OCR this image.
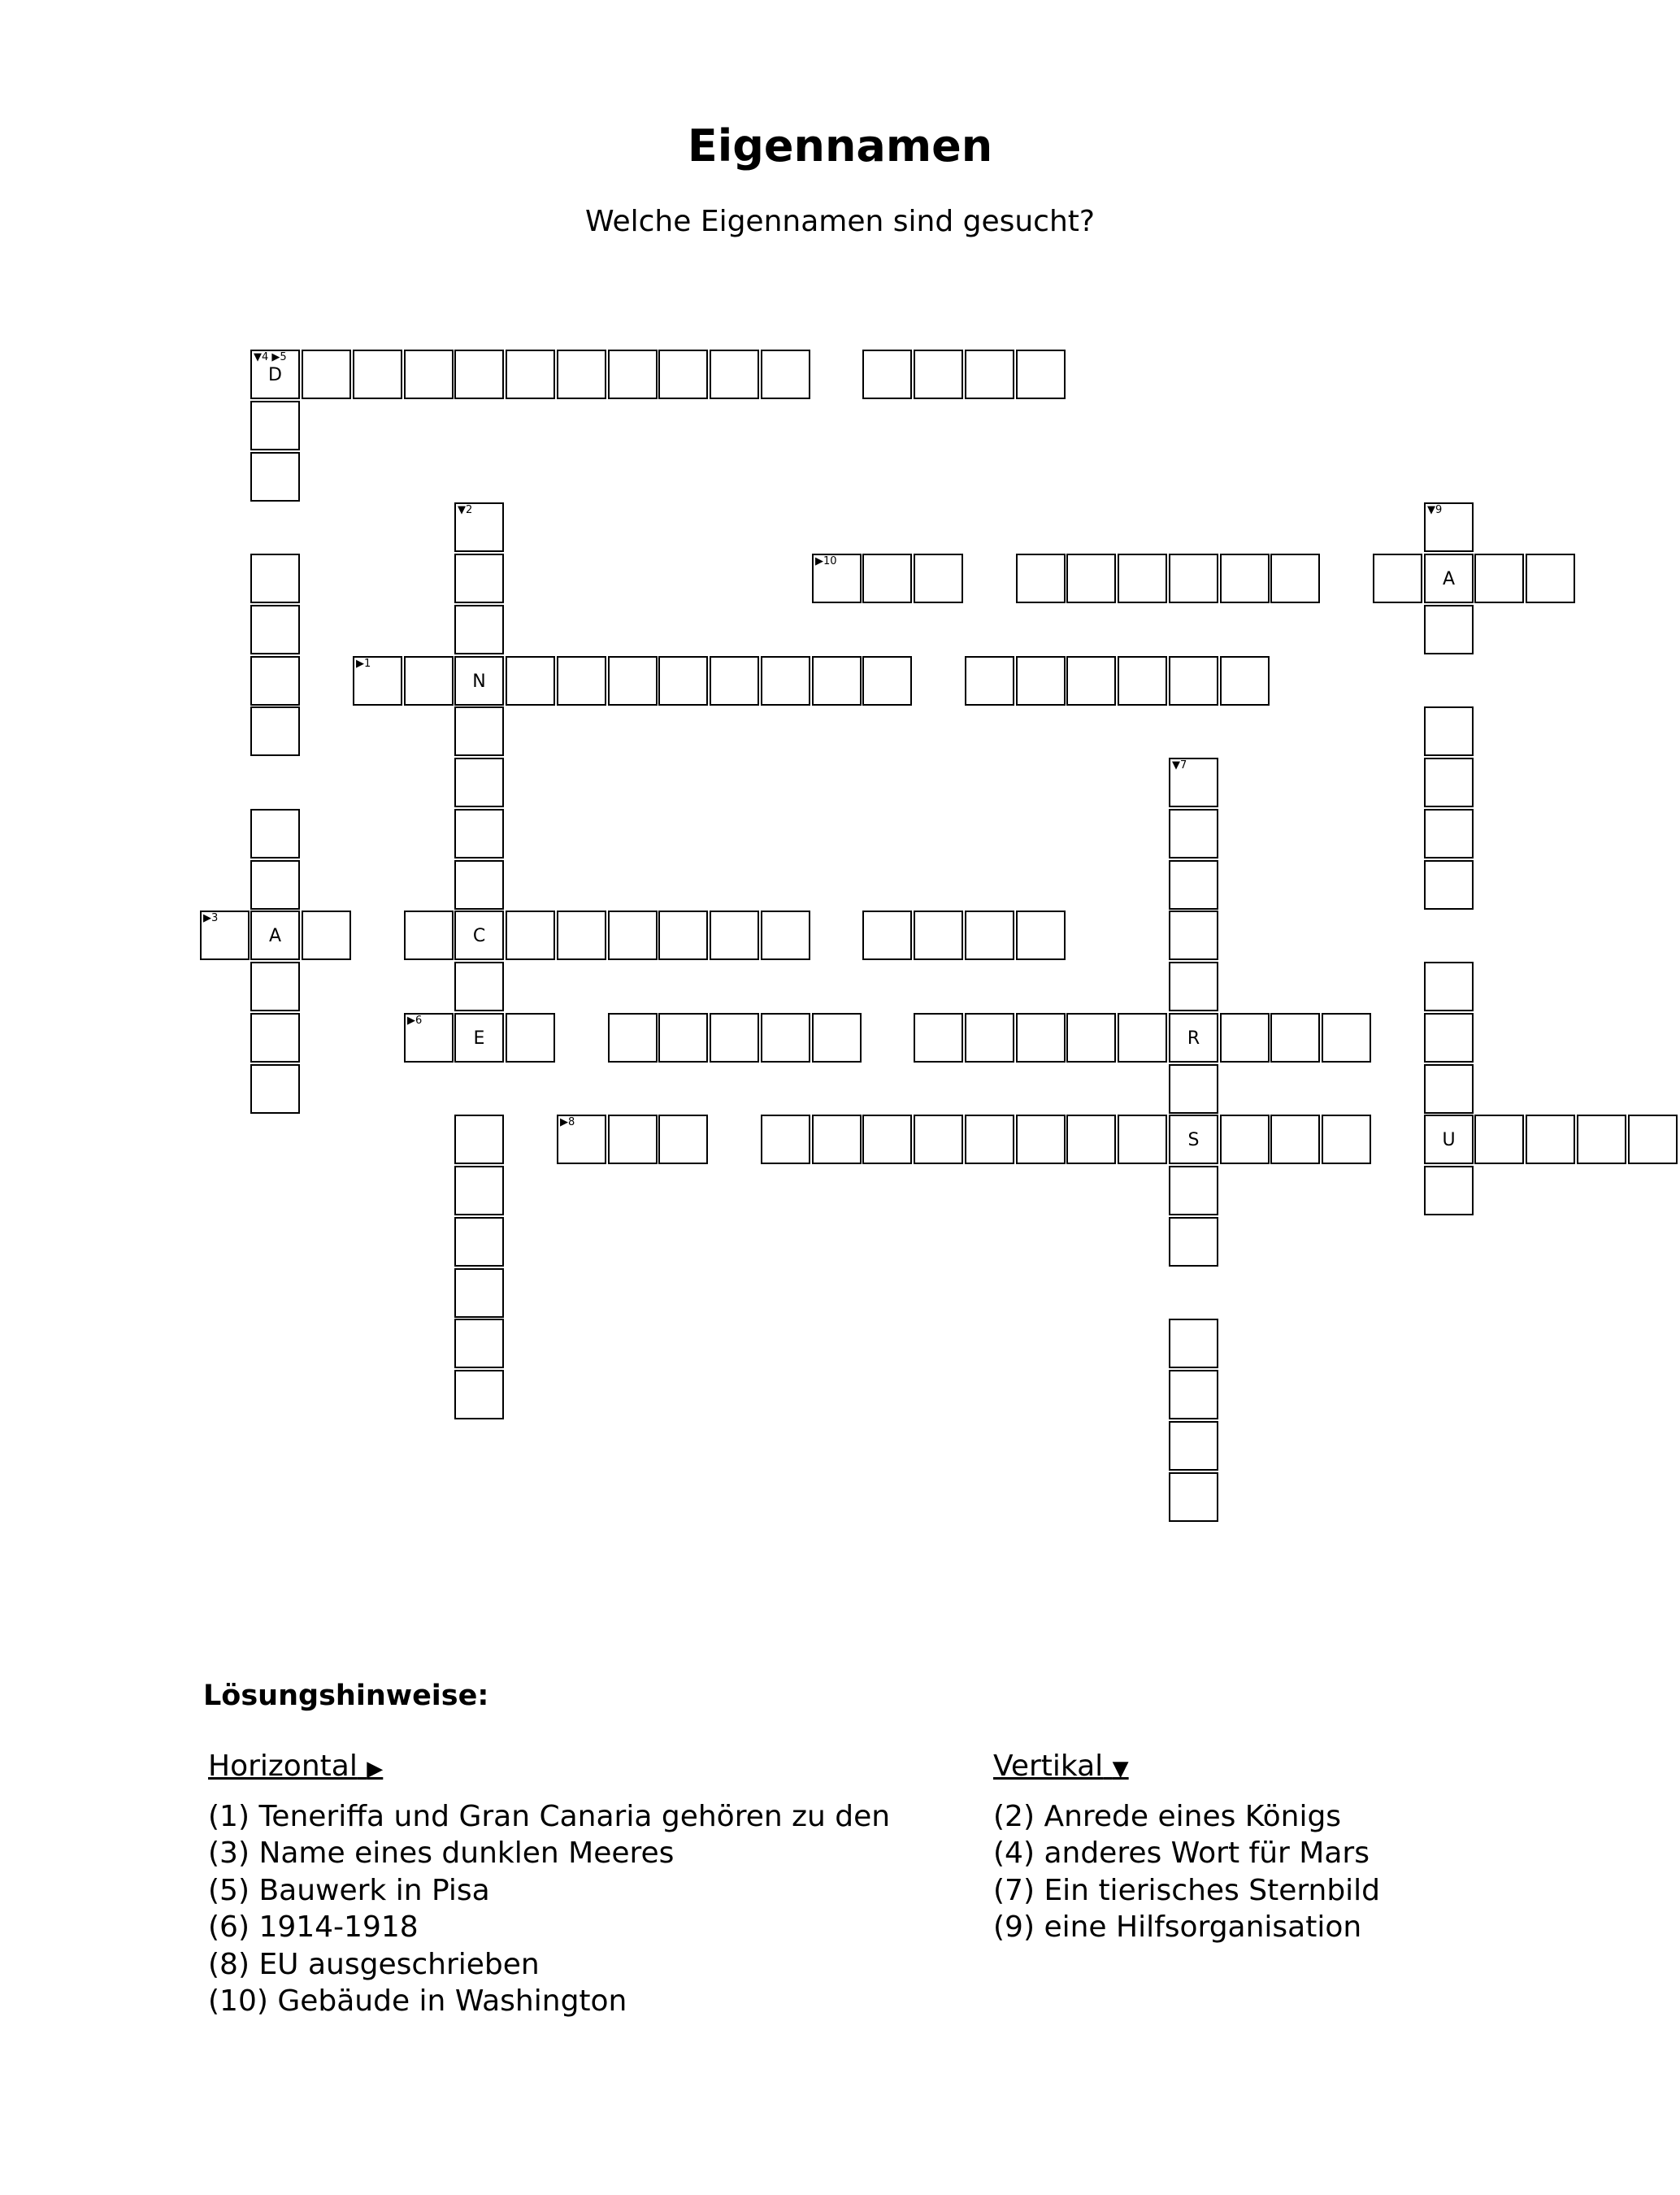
Eigennamen
Welche Eigennamen sind gesucht?
▼4 ▶5
D
▼2	▼9
▶10
A
▶1
N
▼7
▶3
A	C
▶6
E	R
▶8
S	U
Lösungshinweise:
Horizontal ▶
(1) Teneriffa und Gran Canaria gehören zu den
(3) Name eines dunklen Meeres
(5) Bauwerk in Pisa
(6) 1914-1918
(8) EU ausgeschrieben
(10) Gebäude in Washington
Vertikal ▼
(2) Anrede eines Königs
(4) anderes Wort für Mars
(7) Ein tierisches Sternbild
(9) eine Hilfsorganisation
